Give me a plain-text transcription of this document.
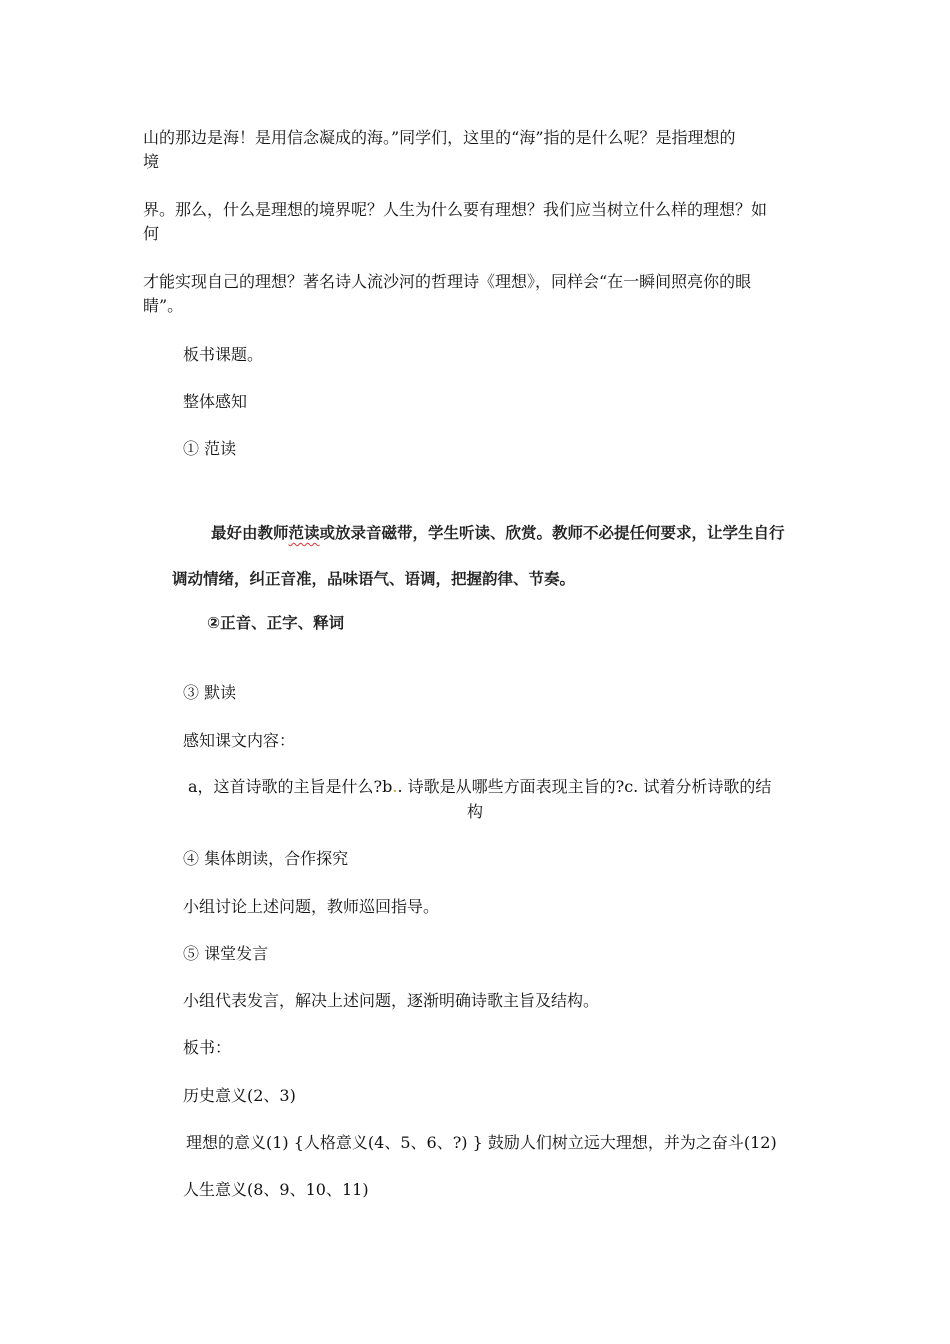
山的那边是海！是用信念凝成的海。”同学们，这里的“海”指的是什么呢？是指理想的
境
界。那么，什么是理想的境界呢？人生为什么要有理想？我们应当树立什么样的理想？如
何
才能实现自己的理想？著名诗人流沙河的哲理诗《理想》，同样会“在一瞬间照亮你的眼
睛”。
板书课题。
整体感知
① 范读
最好由教师范读或放录音磁带，学生听读、欣赏。教师不必提任何要求，让学生自行
调动情绪，纠正音准，品味语气、语调，把握韵律、节奏。
②正音、正字、释词
③ 默读
感知课文内容：
a，这首诗歌的主旨是什么?b.. 诗歌是从哪些方面表现主旨的?c. 试着分析诗歌的结
构
④ 集体朗读，合作探究
小组讨论上述问题，教师巡回指导。
⑤ 课堂发言
小组代表发言，解决上述问题，逐渐明确诗歌主旨及结构。
板书：
历史意义(2、3)
理想的意义(1) {人格意义(4、5、6、?) } 鼓励人们树立远大理想，并为之奋斗(12)
人生意义(8、9、10、11)
